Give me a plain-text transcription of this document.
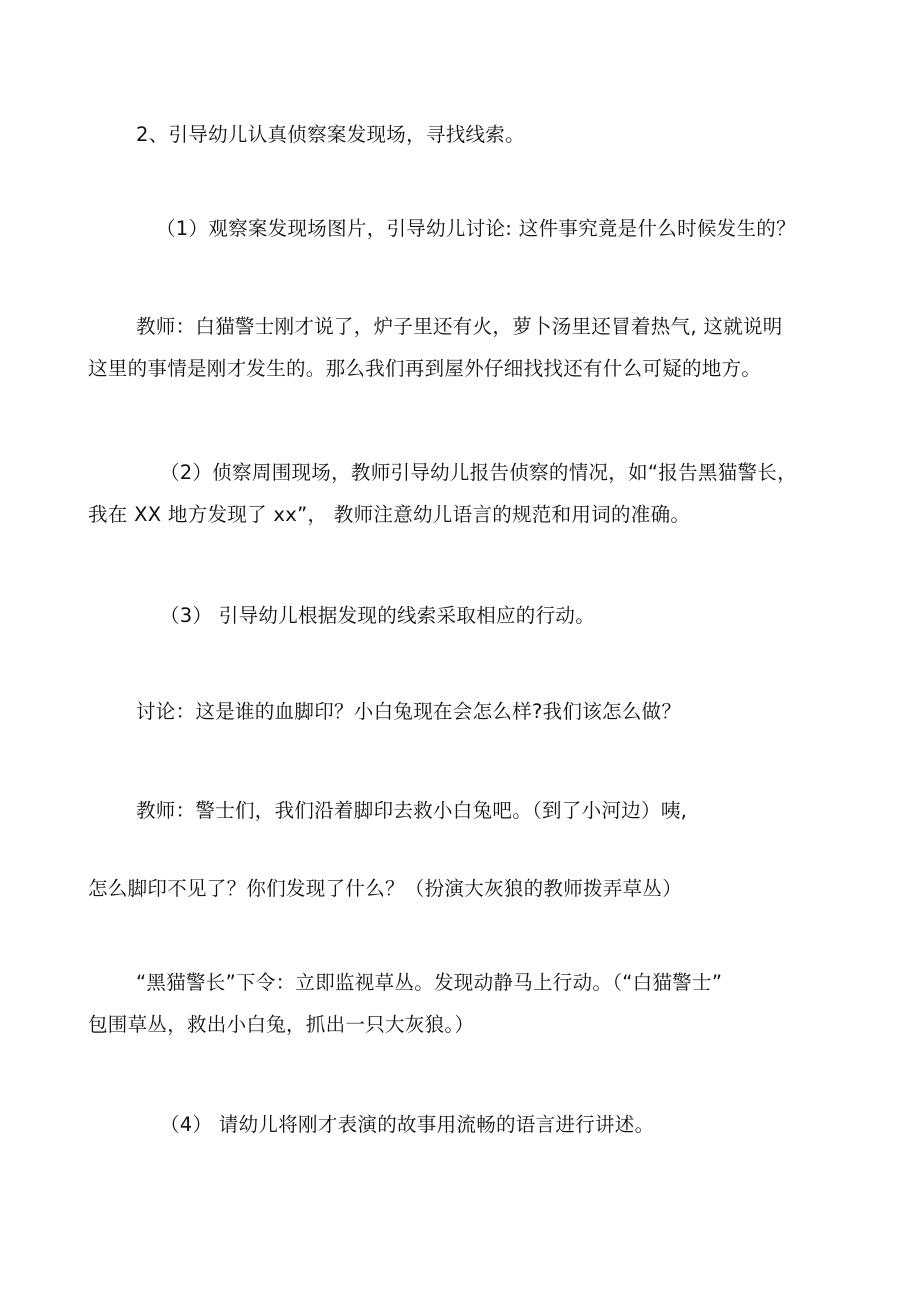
2、引导幼儿认真侦察案发现场，寻找线索。
（1）观察案发现场图片，引导幼儿讨论: 这件事究竟是什么时候发生的？
教师：白猫警士刚才说了，炉子里还有火，萝卜汤里还冒着热气, 这就说明
这里的事情是刚才发生的。那么我们再到屋外仔细找找还有什么可疑的地方。
（2）侦察周围现场，教师引导幼儿报告侦察的情况，如“报告黑猫警长，
我在 XX 地方发现了 xx”， 教师注意幼儿语言的规范和用词的准确。
（3） 引导幼儿根据发现的线索采取相应的行动。
讨论：这是谁的血脚印？小白兔现在会怎么样?我们该怎么做？
教师：警士们，我们沿着脚印去救小白兔吧。（到了小河边）咦,
怎么脚印不见了？你们发现了什么？（扮演大灰狼的教师拨弄草丛）
“黑猫警长”下令：立即监视草丛。发现动静马上行动。（“白猫警士”
包围草丛，救出小白兔，抓出一只大灰狼。）
（4） 请幼儿将刚才表演的故事用流畅的语言进行讲述。
